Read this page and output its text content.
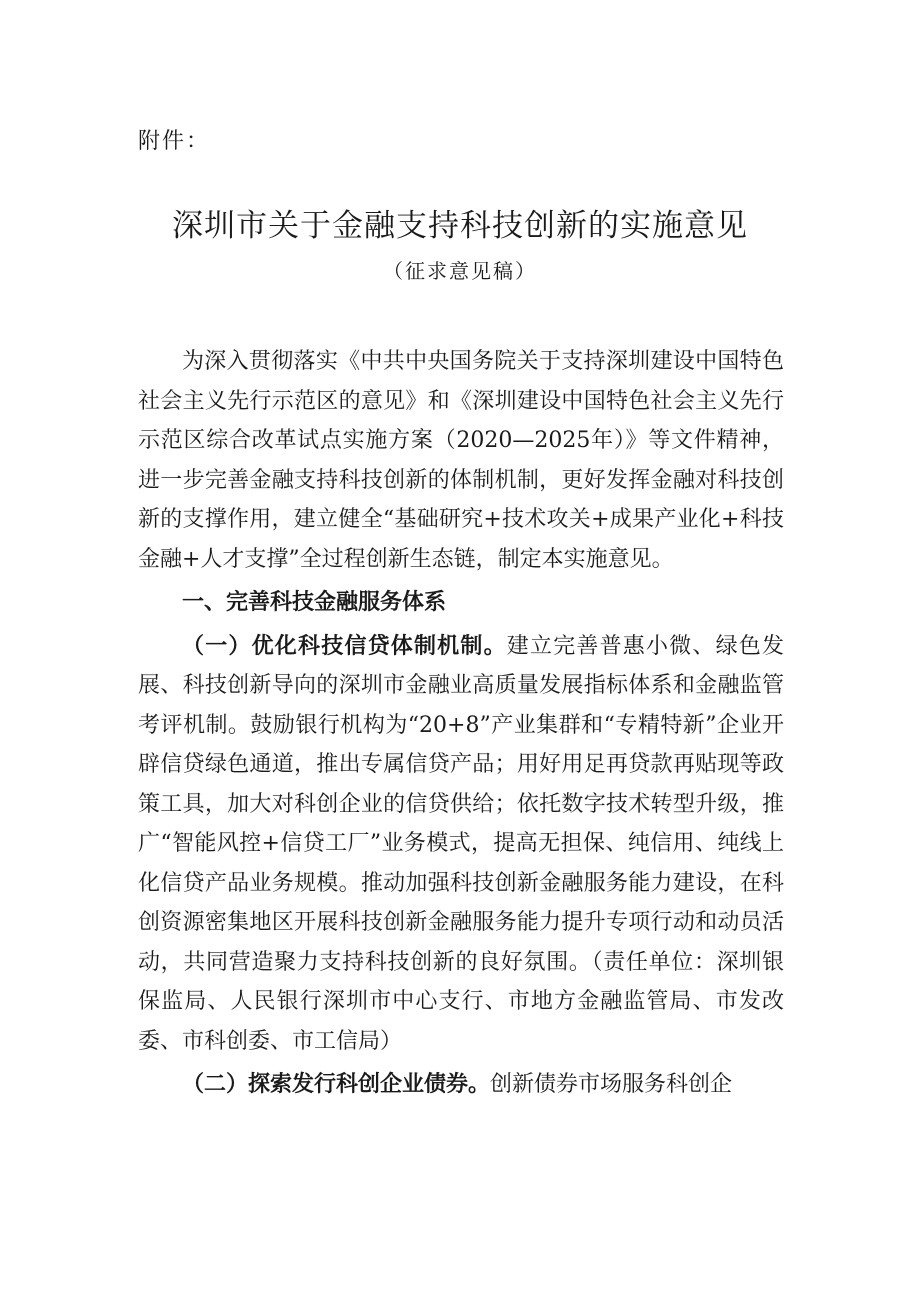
附件：
深圳市关于金融支持科技创新的实施意见
（征求意见稿）

为深入贯彻落实《中共中央国务院关于支持深圳建设中国特色社会主义先行示范区的意见》和《深圳建设中国特色社会主义先行示范区综合改革试点实施方案（2020—2025年）》等文件精神，进一步完善金融支持科技创新的体制机制，更好发挥金融对科技创新的支撑作用，建立健全“基础研究+技术攻关+成果产业化+科技金融+人才支撑”全过程创新生态链，制定本实施意见。

一、完善科技金融服务体系

（一）优化科技信贷体制机制。建立完善普惠小微、绿色发展、科技创新导向的深圳市金融业高质量发展指标体系和金融监管考评机制。鼓励银行机构为“20+8”产业集群和“专精特新”企业开辟信贷绿色通道，推出专属信贷产品；用好用足再贷款再贴现等政策工具，加大对科创企业的信贷供给；依托数字技术转型升级，推广“智能风控+信贷工厂”业务模式，提高无担保、纯信用、纯线上化信贷产品业务规模。推动加强科技创新金融服务能力建设，在科创资源密集地区开展科技创新金融服务能力提升专项行动和动员活动，共同营造聚力支持科技创新的良好氛围。（责任单位：深圳银保监局、人民银行深圳市中心支行、市地方金融监管局、市发改委、市科创委、市工信局）

（二）探索发行科创企业债券。创新债券市场服务科创企
